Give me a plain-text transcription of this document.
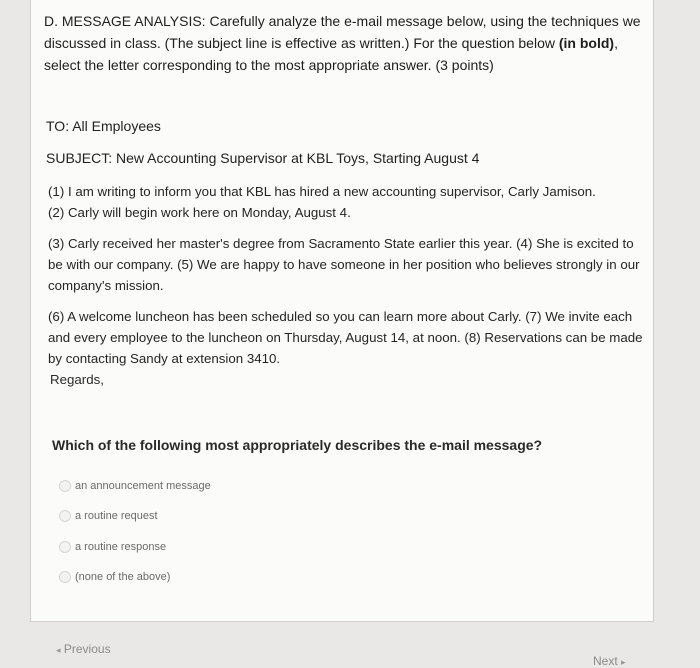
D. MESSAGE ANALYSIS: Carefully analyze the e-mail message below, using the techniques we discussed in class. (The subject line is effective as written.) For the question below (in bold), select the letter corresponding to the most appropriate answer. (3 points)
TO: All Employees
SUBJECT: New Accounting Supervisor at KBL Toys, Starting August 4
(1) I am writing to inform you that KBL has hired a new accounting supervisor, Carly Jamison.
(2) Carly will begin work here on Monday, August 4.
(3) Carly received her master's degree from Sacramento State earlier this year. (4) She is excited to be with our company. (5) We are happy to have someone in her position who believes strongly in our company's mission.
(6) A welcome luncheon has been scheduled so you can learn more about Carly. (7) We invite each and every employee to the luncheon on Thursday, August 14, at noon. (8) Reservations can be made by contacting Sandy at extension 3410.
Regards,
Which of the following most appropriately describes the e-mail message?
an announcement message
a routine request
a routine response
(none of the above)
◂ Previous
Next ▸
